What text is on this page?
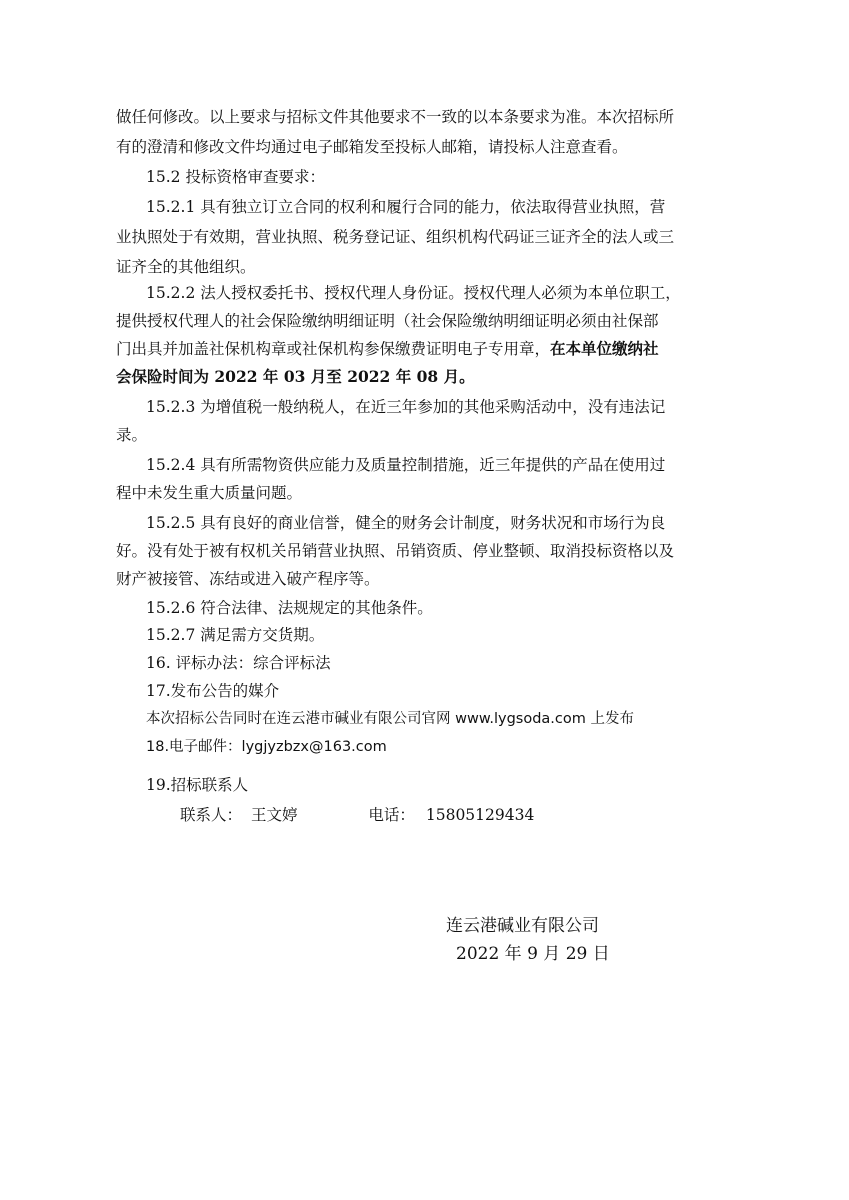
做任何修改。以上要求与招标文件其他要求不一致的以本条要求为准。本次招标所
有的澄清和修改文件均通过电子邮箱发至投标人邮箱，请投标人注意查看。
15.2 投标资格审查要求：
15.2.1 具有独立订立合同的权利和履行合同的能力，依法取得营业执照，营
业执照处于有效期，营业执照、税务登记证、组织机构代码证三证齐全的法人或三
证齐全的其他组织。
15.2.2 法人授权委托书、授权代理人身份证。授权代理人必须为本单位职工，
提供授权代理人的社会保险缴纳明细证明（社会保险缴纳明细证明必须由社保部
门出具并加盖社保机构章或社保机构参保缴费证明电子专用章，在本单位缴纳社
会保险时间为 2022 年 03 月至 2022 年 08 月。
15.2.3 为增值税一般纳税人，在近三年参加的其他采购活动中，没有违法记
录。
15.2.4 具有所需物资供应能力及质量控制措施，近三年提供的产品在使用过
程中未发生重大质量问题。
15.2.5 具有良好的商业信誉，健全的财务会计制度，财务状况和市场行为良
好。没有处于被有权机关吊销营业执照、吊销资质、停业整顿、取消投标资格以及
财产被接管、冻结或进入破产程序等。
15.2.6 符合法律、法规规定的其他条件。
15.2.7 满足需方交货期。
16. 评标办法：综合评标法
17.发布公告的媒介
本次招标公告同时在连云港市碱业有限公司官网 www.lygsoda.com 上发布
18.电子邮件：lygjyzbzx@163.com
19.招标联系人
联系人： 王文婷	电话： 15805129434
连云港碱业有限公司
2022 年 9 月 29 日
